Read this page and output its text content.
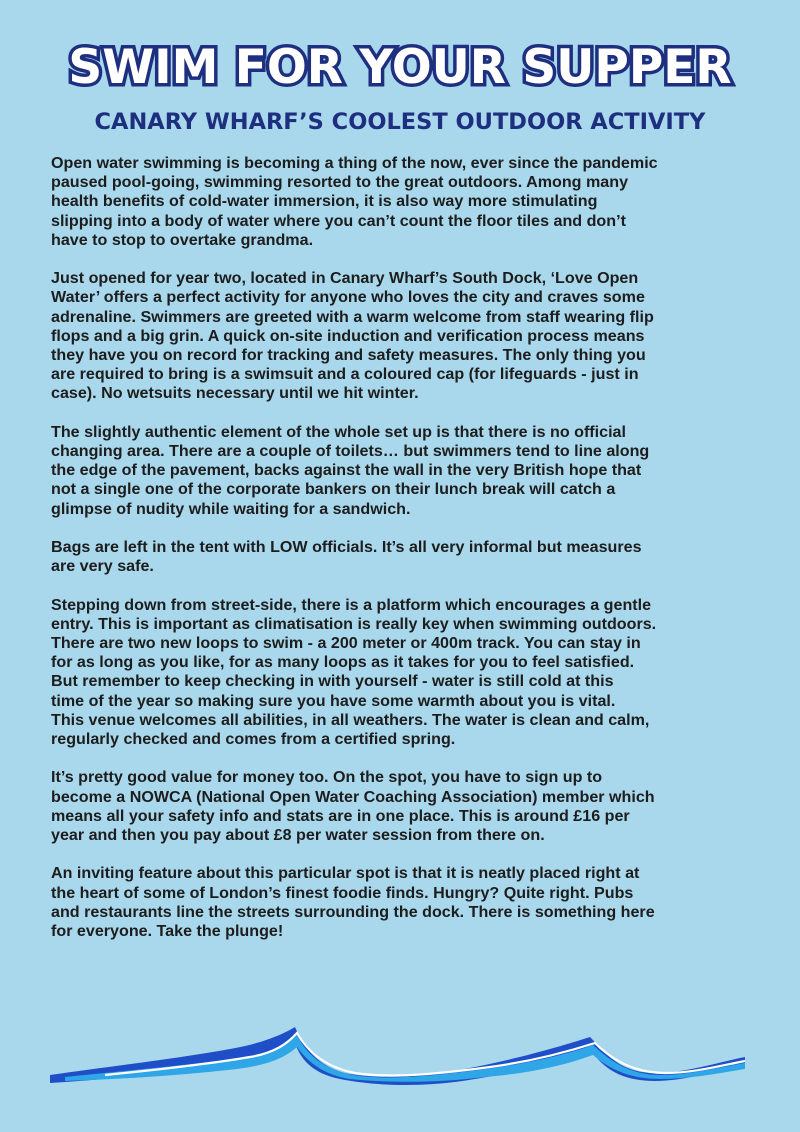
SWIM FOR YOUR SUPPER
CANARY WHARF’S COOLEST OUTDOOR ACTIVITY

Open water swimming is becoming a thing of the now, ever since the pandemic
paused pool-going, swimming resorted to the great outdoors. Among many
health benefits of cold-water immersion, it is also way more stimulating
slipping into a body of water where you can’t count the floor tiles and don’t
have to stop to overtake grandma.

Just opened for year two, located in Canary Wharf’s South Dock, ‘Love Open
Water’ offers a perfect activity for anyone who loves the city and craves some
adrenaline. Swimmers are greeted with a warm welcome from staff wearing flip
flops and a big grin. A quick on-site induction and verification process means
they have you on record for tracking and safety measures. The only thing you
are required to bring is a swimsuit and a coloured cap (for lifeguards - just in
case). No wetsuits necessary until we hit winter.

The slightly authentic element of the whole set up is that there is no official
changing area. There are a couple of toilets… but swimmers tend to line along
the edge of the pavement, backs against the wall in the very British hope that
not a single one of the corporate bankers on their lunch break will catch a
glimpse of nudity while waiting for a sandwich.

Bags are left in the tent with LOW officials. It’s all very informal but measures
are very safe.

Stepping down from street-side, there is a platform which encourages a gentle
entry. This is important as climatisation is really key when swimming outdoors.
There are two new loops to swim - a 200 meter or 400m track. You can stay in
for as long as you like, for as many loops as it takes for you to feel satisfied.
But remember to keep checking in with yourself - water is still cold at this
time of the year so making sure you have some warmth about you is vital.
This venue welcomes all abilities, in all weathers. The water is clean and calm,
regularly checked and comes from a certified spring.

It’s pretty good value for money too. On the spot, you have to sign up to
become a NOWCA (National Open Water Coaching Association) member which
means all your safety info and stats are in one place. This is around £16 per
year and then you pay about £8 per water session from there on.

An inviting feature about this particular spot is that it is neatly placed right at
the heart of some of London’s finest foodie finds. Hungry? Quite right. Pubs
and restaurants line the streets surrounding the dock. There is something here
for everyone. Take the plunge!
